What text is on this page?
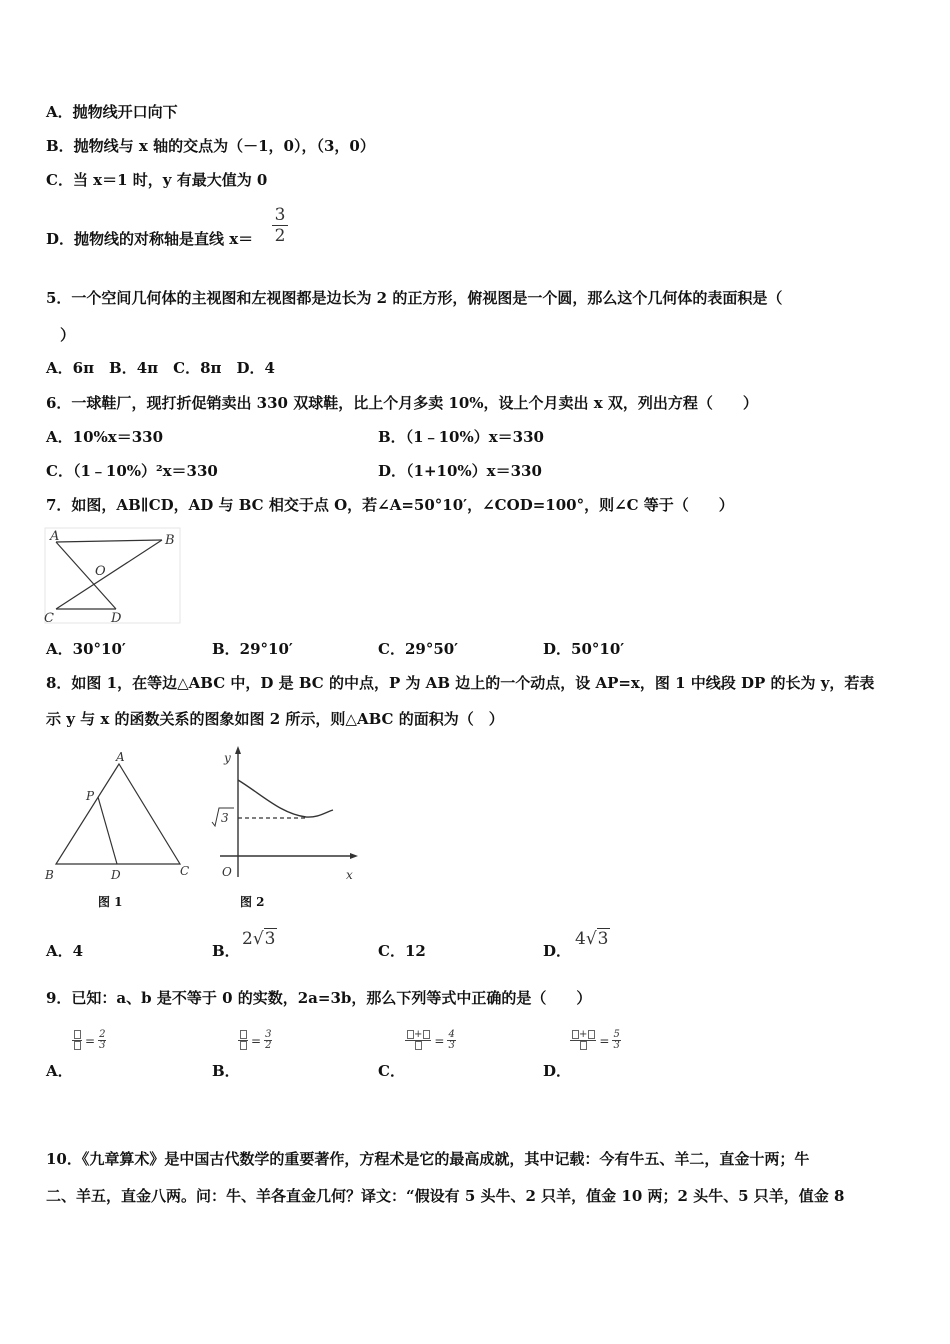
A．抛物线开口向下
B．抛物线与 x 轴的交点为（－1，0），（3，0）
C．当 x＝1 时，y 有最大值为 0
D．抛物线的对称轴是直线 x＝
3
2
5．一个空间几何体的主视图和左视图都是边长为 2 的正方形，俯视图是一个圆，那么这个几何体的表面积是（
）
A．6π　B．4π　C．8π　D．4
6．一球鞋厂，现打折促销卖出 330 双球鞋，比上个月多卖 10%，设上个月卖出 x 双，列出方程（　　）
A．10%x＝330	B．（1﹣10%）x＝330
C．（1﹣10%）²x＝330	D．（1+10%）x＝330
7．如图，AB∥CD，AD 与 BC 相交于点 O，若∠A=50°10′，∠COD=100°，则∠C 等于（　　）
A	B
O
C	D
A．30°10′	B．29°10′	C．29°50′	D．50°10′
8．如图 1，在等边△ABC 中，D 是 BC 的中点，P 为 AB 边上的一个动点，设 AP=x，图 1 中线段 DP 的长为 y，若表
示 y 与 x 的函数关系的图象如图 2 所示，则△ABC 的面积为（　）
A
P
B	D	C
图 1
y
O	x
3
图 2
A．4	B．
2√3
C．12	D．
4√3
9．已知：a、b 是不等于 0 的实数，2a=3b，那么下列等式中正确的是（　　）
= $\frac{2}{3}$
A．
= $\frac{3}{2}$
B．
+	= $\frac{4}{3}$
C．
+	= $\frac{5}{3}$
D．
10．《九章算术》是中国古代数学的重要著作，方程术是它的最高成就，其中记载：今有牛五、羊二，直金十两；牛
二、羊五，直金八两。问：牛、羊各直金几何？译文：“假设有 5 头牛、2 只羊，值金 10 两；2 头牛、5 只羊，值金 8
